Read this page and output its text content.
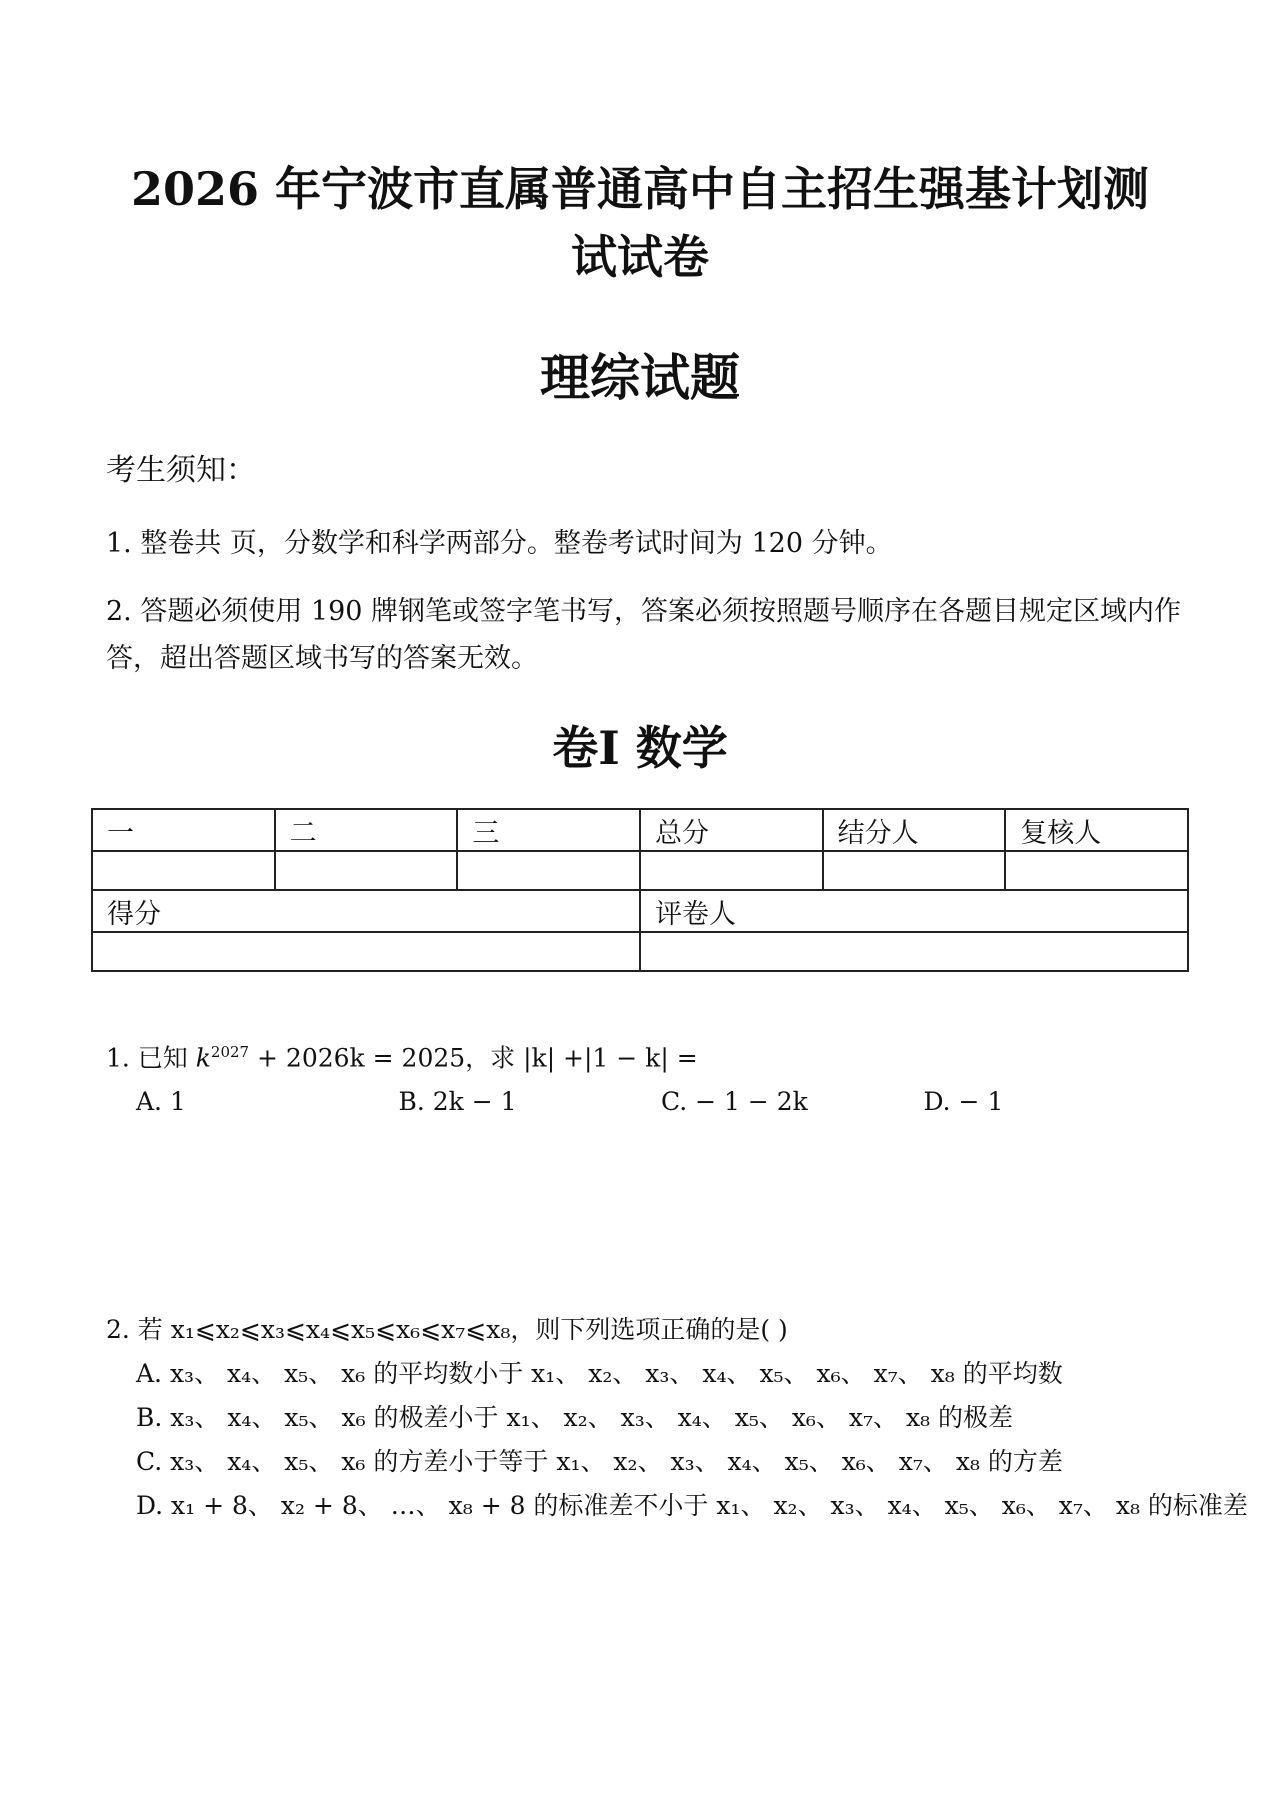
2026 年宁波市直属普通高中自主招生强基计划测
试试卷
理综试题
考生须知：
1. 整卷共 页，分数学和科学两部分。整卷考试时间为 120 分钟。
2. 答题必须使用 190 牌钢笔或签字笔书写，答案必须按照题号顺序在各题目规定区域内作答，超出答题区域书写的答案无效。
卷I 数学
一	二	三	总分	结分人	复核人

得分			评卷人		

1. 已知 $k^{2027} + 2026k = 2025$，求 |k| +|1 − k| =
A. 1	B. 2k − 1	C. − 1 − 2k	D. − 1
2. 若 x₁⩽x₂⩽x₃⩽x₄⩽x₅⩽x₆⩽x₇⩽x₈，则下列选项正确的是( )
A. x₃、 x₄、 x₅、 x₆ 的平均数小于 x₁、 x₂、 x₃、 x₄、 x₅、 x₆、 x₇、 x₈ 的平均数
B. x₃、 x₄、 x₅、 x₆ 的极差小于 x₁、 x₂、 x₃、 x₄、 x₅、 x₆、 x₇、 x₈ 的极差
C. x₃、 x₄、 x₅、 x₆ 的方差小于等于 x₁、 x₂、 x₃、 x₄、 x₅、 x₆、 x₇、 x₈ 的方差
D. x₁ + 8、 x₂ + 8、 …、 x₈ + 8 的标准差不小于 x₁、 x₂、 x₃、 x₄、 x₅、 x₆、 x₇、 x₈ 的标准差
